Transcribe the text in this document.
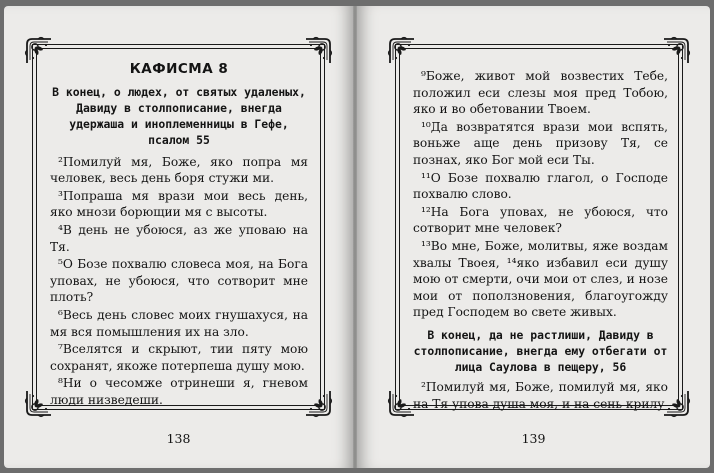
КАФИСМА 8
В конец, о людех, от святых удаленых, Давиду в столпописание, внегда удержаша и иноплеменницы в Гефе, псалом 55

²Помилуй мя, Боже, яко попра мя человек, весь день боря стужи ми.

³Попраша мя врази мои весь день, яко мнози борющии мя с высоты.

⁴В день не убоюся, аз же уповаю на Тя.

⁵О Бозе похвалю словеса моя, на Бога уповах, не убоюся, что сотворит мне плоть?

⁶Весь день словес моих гнушахуся, на мя вся помышления их на зло.

⁷Вселятся и скрыют, тии пяту мою сохранят, якоже потерпеша душу мою.

⁸Ни о чесомже отринеши я, гневом люди низведеши.

138

⁹Боже, живот мой возвестих Тебе, положил еси слезы моя пред Тобою, яко и во обетовании Твоем.

¹⁰Да возвратятся врази мои вспять, воньже аще день призову Тя, се познах, яко Бог мой еси Ты.

¹¹О Бозе похвалю глагол, о Господе похвалю слово.

¹²На Бога уповах, не убоюся, что сотворит мне человек?

¹³Во мне, Боже, молитвы, яже воздам хвалы Твоея, ¹⁴яко избавил еси душу мою от смерти, очи мои от слез, и нозе мои от поползновения, благоугожду пред Господем во свете живых.

В конец, да не растлиши, Давиду в столпописание, внегда ему отбегати от лица Саулова в пещеру, 56

²Помилуй мя, Боже, помилуй мя, яко на Тя упова душа моя, и на сень крилу

139
